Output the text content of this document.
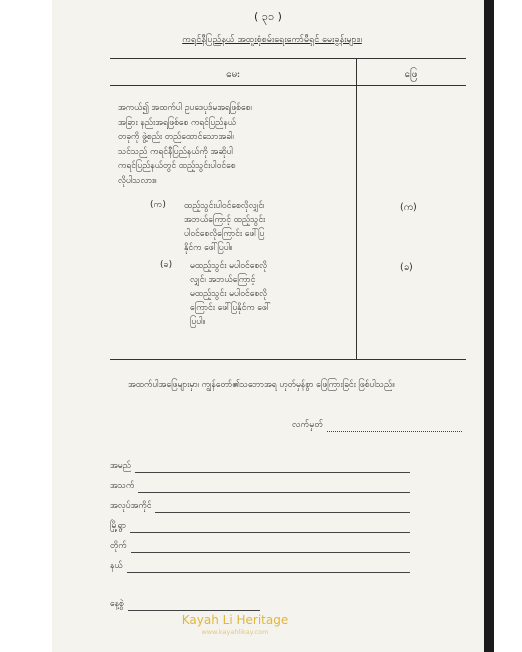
( ၃၁ )
ကရင်နီပြည်နယ် အထူးစုံစမ်းရေးကော်မီရှင် မေးခွန်းများ။
မေး	ဖြေ
အကယ်၍ အထက်ပါ ဥပဒေပုဒ်မအရဖြစ်စေ၊
အခြား နည်းအရဖြစ်စေ ကရင်ပြည်နယ်
တခုကို ဖွဲ့စည်း တည်ထောင်သောအခါ၊
သင်သည် ကရင်နီပြည်နယ်ကို အဆိုပါ
ကရင်ပြည်နယ်တွင် ထည့်သွင်းပါဝင်စေ
လိုပါသလား။
(က) ထည့်သွင်းပါဝင်စေလိုလျှင်၊
အဘယ်ကြောင့် ထည့်သွင်း
ပါဝင်စေလိုကြောင်း ဖေါ်ပြ
နိုင်က ဖေါ်ပြပါ။
(က)
(ခ) မထည့်သွင်း မပါဝင်စေလို
လျှင်၊ အဘယ်ကြောင့်
မထည့်သွင်း မပါဝင်စေလို
ကြောင်း ဖေါ်ပြနိုင်က ဖေါ်
ပြပါ။
(ခ)
အထက်ပါအဖြေများမှာ၊ ကျွန်တော်၏သဘောအရ ဟုတ်မှန်စွာ ဖြေကြားခြင်း ဖြစ်ပါသည်။
လက်မှတ်
အမည်
အသက်
အလုပ်အကိုင်
မြို့ရွာ
တိုက်
နယ်
နေ့စွဲ
Kayah Li Heritage
www.kayahlikay.com
